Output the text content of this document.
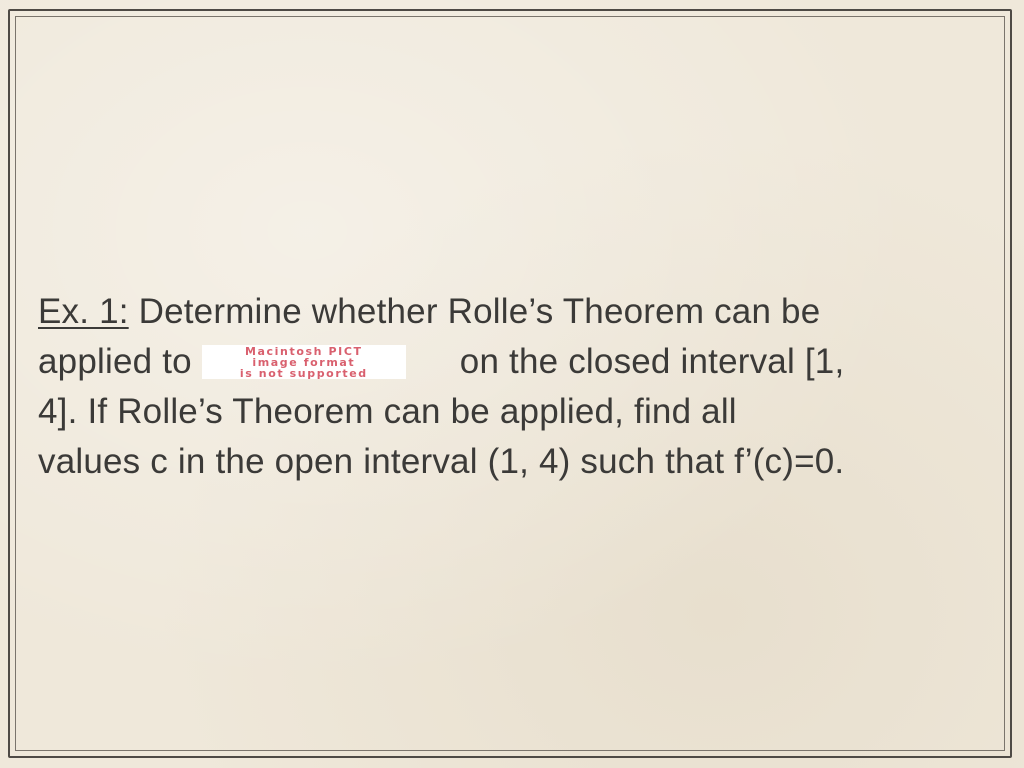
Ex. 1: Determine whether Rolle’s Theorem can be
applied to	Macintosh PICT
image format
is not supported	on the closed interval [1,
4]. If Rolle’s Theorem can be applied, find all
values c in the open interval (1, 4) such that f’(c)=0.
